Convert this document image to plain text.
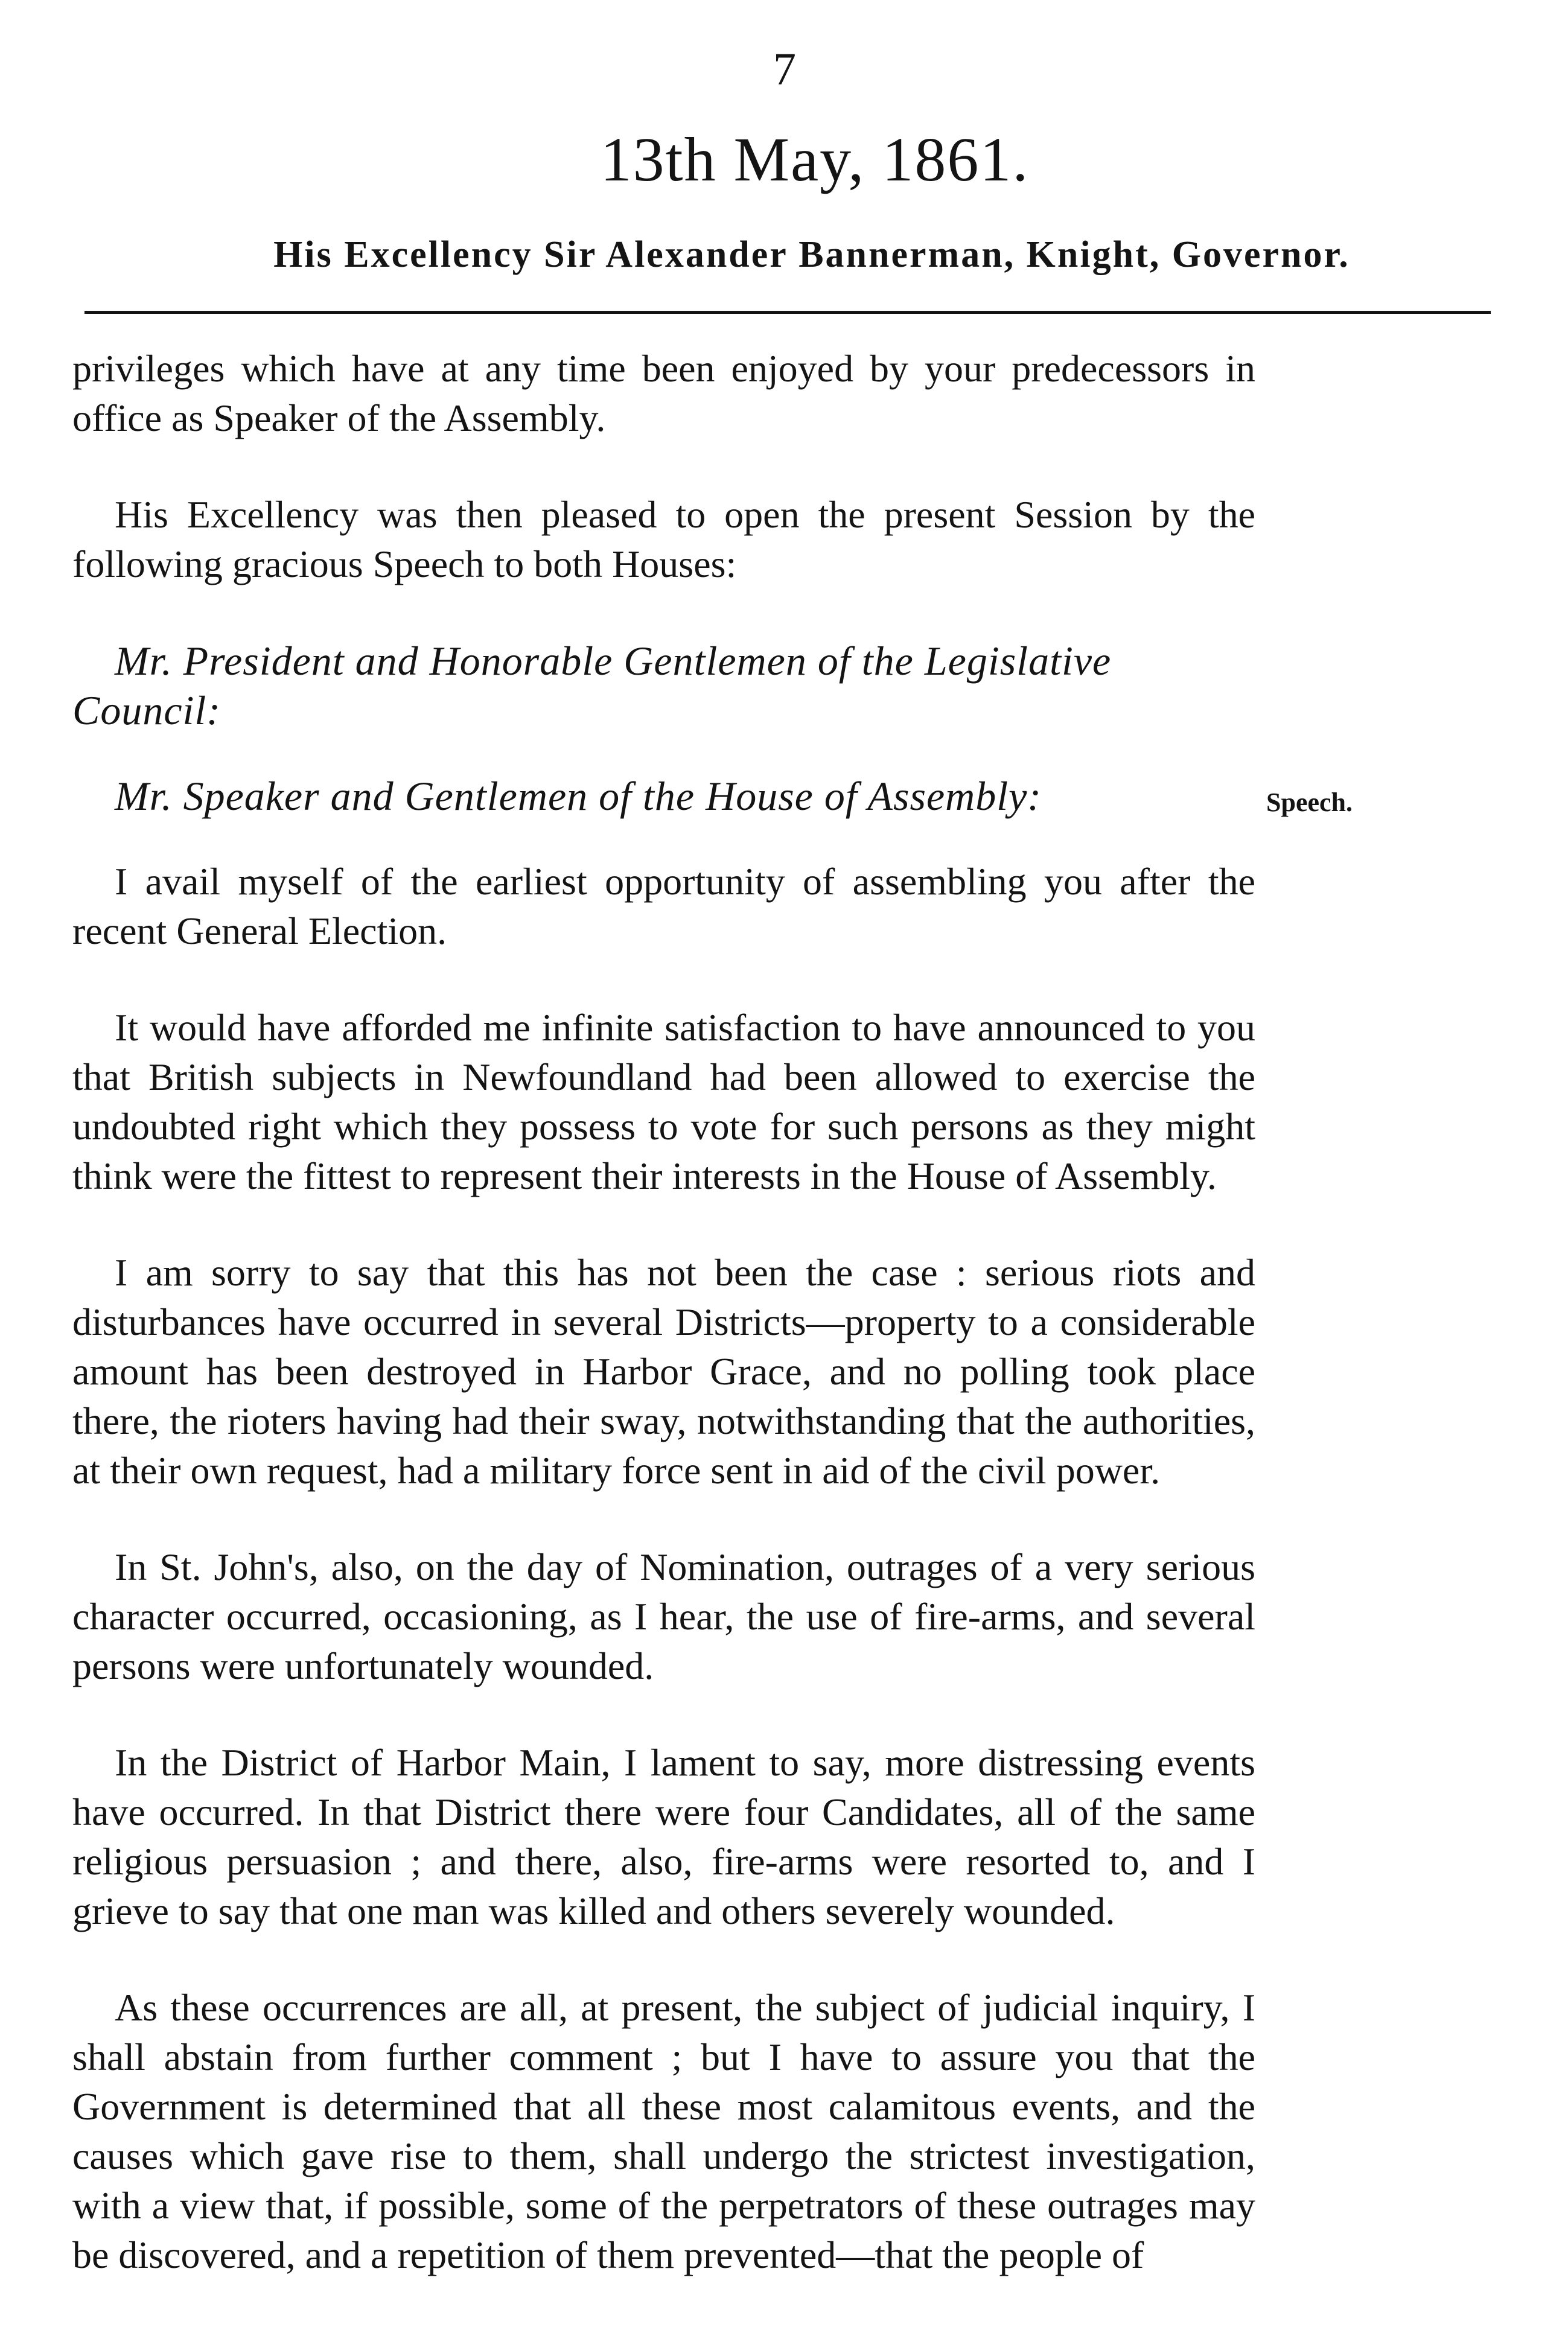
7
13th May, 1861.
His Excellency Sir Alexander Bannerman, Knight, Governor.

privileges which have at any time been enjoyed by your predecessors in office as Speaker of the Assembly.

His Excellency was then pleased to open the present Session by the following gracious Speech to both Houses:

Mr. President and Honorable Gentlemen of the Legislative Council:

Mr. Speaker and Gentlemen of the House of Assembly:

I avail myself of the earliest opportunity of assembling you after the recent General Election.

It would have afforded me infinite satisfaction to have announced to you that British subjects in Newfoundland had been allowed to exercise the undoubted right which they possess to vote for such persons as they might think were the fittest to represent their interests in the House of Assembly.

I am sorry to say that this has not been the case : serious riots and disturbances have occurred in several Districts—property to a considerable amount has been destroyed in Harbor Grace, and no polling took place there, the rioters having had their sway, notwithstanding that the authorities, at their own request, had a military force sent in aid of the civil power.

In St. John's, also, on the day of Nomination, outrages of a very serious character occurred, occasioning, as I hear, the use of fire-arms, and several persons were unfortunately wounded.

In the District of Harbor Main, I lament to say, more distressing events have occurred. In that District there were four Candidates, all of the same religious persuasion ; and there, also, fire-arms were resorted to, and I grieve to say that one man was killed and others severely wounded.

As these occurrences are all, at present, the subject of judicial inquiry, I shall abstain from further comment ; but I have to assure you that the Government is determined that all these most calamitous events, and the causes which gave rise to them, shall undergo the strictest investigation, with a view that, if possible, some of the perpetrators of these outrages may be discovered, and a repetition of them prevented—that the people of

Speech.
